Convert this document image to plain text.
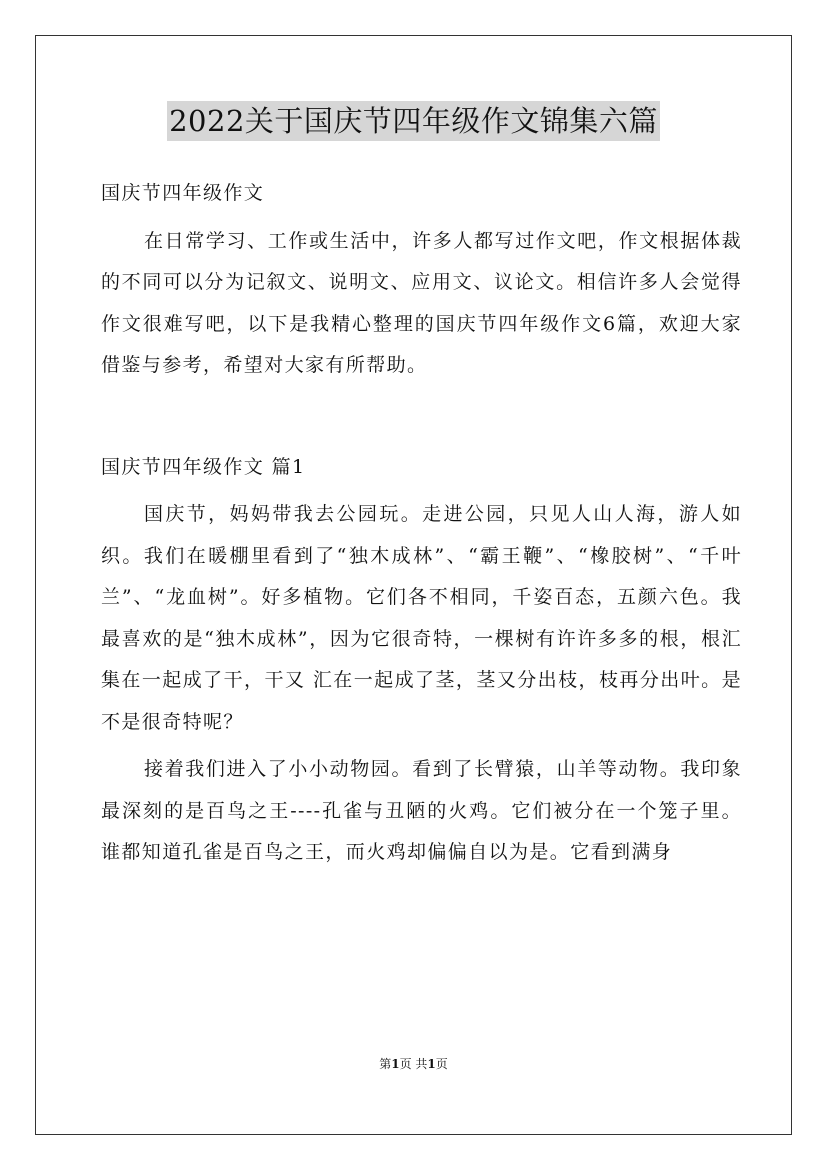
2022关于国庆节四年级作文锦集六篇

国庆节四年级作文

在日常学习、工作或生活中，许多人都写过作文吧，作文根据体裁的不同可以分为记叙文、说明文、应用文、议论文。相信许多人会觉得作文很难写吧，以下是我精心整理的国庆节四年级作文6篇，欢迎大家借鉴与参考，希望对大家有所帮助。

国庆节四年级作文 篇1

国庆节，妈妈带我去公园玩。走进公园，只见人山人海，游人如织。我们在暖棚里看到了“独木成林”、“霸王鞭”、“橡胶树”、“千叶兰”、“龙血树”。好多植物。它们各不相同，千姿百态，五颜六色。我最喜欢的是“独木成林”，因为它很奇特，一棵树有许许多多的根，根汇集在一起成了干，干又 汇在一起成了茎，茎又分出枝，枝再分出叶。是不是很奇特呢？

接着我们进入了小小动物园。看到了长臂猿，山羊等动物。我印象最深刻的是百鸟之王----孔雀与丑陋的火鸡。它们被分在一个笼子里。谁都知道孔雀是百鸟之王，而火鸡却偏偏自以为是。它看到满身

第1页 共1页
